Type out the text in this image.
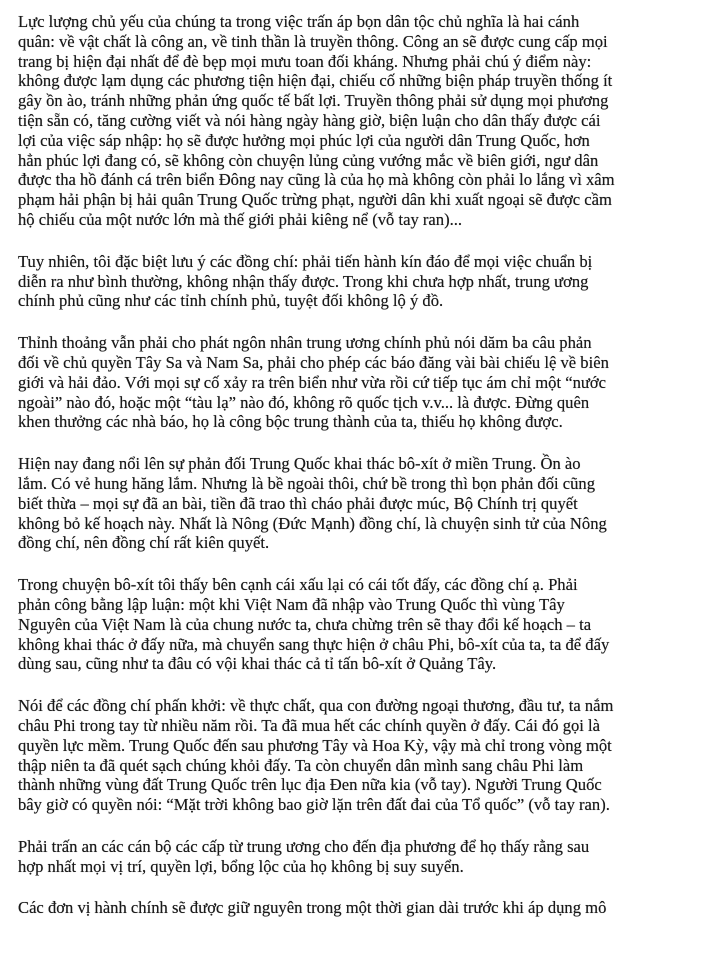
Lực lượng chủ yếu của chúng ta trong việc trấn áp bọn dân tộc chủ nghĩa là hai cánh
quân: về vật chất là công an, về tinh thần là truyền thông. Công an sẽ được cung cấp mọi
trang bị hiện đại nhất để đè bẹp mọi mưu toan đối kháng. Nhưng phải chú ý điểm này:
không được lạm dụng các phương tiện hiện đại, chiếu cố những biện pháp truyền thống ít
gây ồn ào, tránh những phản ứng quốc tế bất lợi. Truyền thông phải sử dụng mọi phương
tiện sẵn có, tăng cường viết và nói hàng ngày hàng giờ, biện luận cho dân thấy được cái
lợi của việc sáp nhập: họ sẽ được hưởng mọi phúc lợi của người dân Trung Quốc, hơn
hẳn phúc lợi đang có, sẽ không còn chuyện lủng củng vướng mắc về biên giới, ngư dân
được tha hồ đánh cá trên biển Đông nay cũng là của họ mà không còn phải lo lắng vì xâm
phạm hải phận bị hải quân Trung Quốc trừng phạt, người dân khi xuất ngoại sẽ được cầm
hộ chiếu của một nước lớn mà thế giới phải kiêng nể (vỗ tay ran)...

Tuy nhiên, tôi đặc biệt lưu ý các đồng chí: phải tiến hành kín đáo để mọi việc chuẩn bị
diễn ra như bình thường, không nhận thấy được. Trong khi chưa hợp nhất, trung ương
chính phủ cũng như các tỉnh chính phủ, tuyệt đối không lộ ý đồ.

Thỉnh thoảng vẫn phải cho phát ngôn nhân trung ương chính phủ nói dăm ba câu phản
đối về chủ quyền Tây Sa và Nam Sa, phải cho phép các báo đăng vài bài chiếu lệ về biên
giới và hải đảo. Với mọi sự cố xảy ra trên biển như vừa rồi cứ tiếp tục ám chỉ một “nước
ngoài” nào đó, hoặc một “tàu lạ” nào đó, không rõ quốc tịch v.v... là được. Đừng quên
khen thưởng các nhà báo, họ là công bộc trung thành của ta, thiếu họ không được.

Hiện nay đang nổi lên sự phản đối Trung Quốc khai thác bô-xít ở miền Trung. Ồn ào
lắm. Có vẻ hung hăng lắm. Nhưng là bề ngoài thôi, chứ bề trong thì bọn phản đối cũng
biết thừa – mọi sự đã an bài, tiền đã trao thì cháo phải được múc, Bộ Chính trị quyết
không bỏ kế hoạch này. Nhất là Nông (Đức Mạnh) đồng chí, là chuyện sinh tử của Nông
đồng chí, nên đồng chí rất kiên quyết.

Trong chuyện bô-xít tôi thấy bên cạnh cái xấu lại có cái tốt đấy, các đồng chí ạ. Phải
phản công bằng lập luận: một khi Việt Nam đã nhập vào Trung Quốc thì vùng Tây
Nguyên của Việt Nam là của chung nước ta, chưa chừng trên sẽ thay đổi kế hoạch – ta
không khai thác ở đấy nữa, mà chuyển sang thực hiện ở châu Phi, bô-xít của ta, ta để đấy
dùng sau, cũng như ta đâu có vội khai thác cả tỉ tấn bô-xít ở Quảng Tây.

Nói để các đồng chí phấn khởi: về thực chất, qua con đường ngoại thương, đầu tư, ta nắm
châu Phi trong tay từ nhiều năm rồi. Ta đã mua hết các chính quyền ở đấy. Cái đó gọi là
quyền lực mềm. Trung Quốc đến sau phương Tây và Hoa Kỳ, vậy mà chỉ trong vòng một
thập niên ta đã quét sạch chúng khỏi đấy. Ta còn chuyển dân mình sang châu Phi làm
thành những vùng đất Trung Quốc trên lục địa Đen nữa kia (vỗ tay). Người Trung Quốc
bây giờ có quyền nói: “Mặt trời không bao giờ lặn trên đất đai của Tổ quốc” (vỗ tay ran).

Phải trấn an các cán bộ các cấp từ trung ương cho đến địa phương để họ thấy rằng sau
hợp nhất mọi vị trí, quyền lợi, bổng lộc của họ không bị suy suyển.

Các đơn vị hành chính sẽ được giữ nguyên trong một thời gian dài trước khi áp dụng mô
